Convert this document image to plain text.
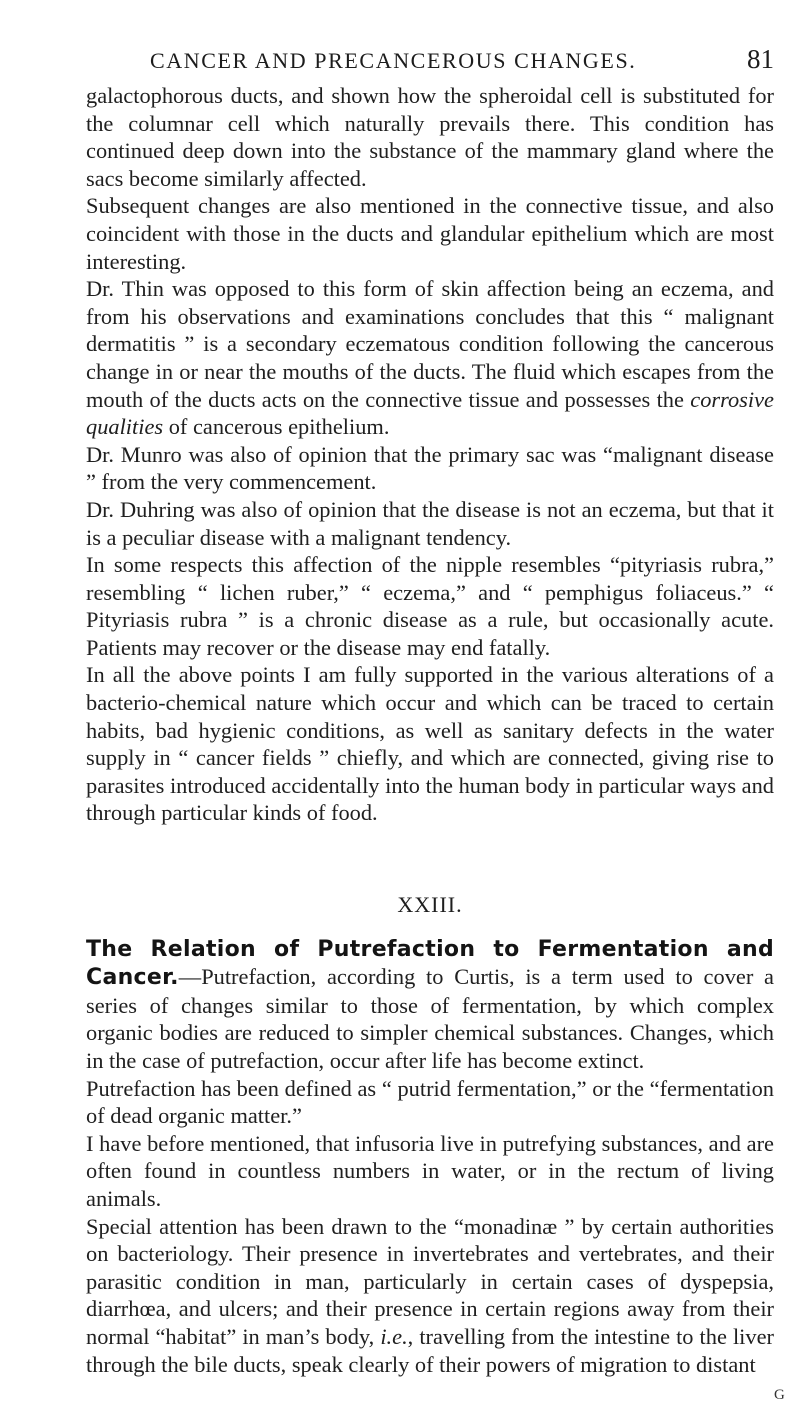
CANCER AND PRECANCEROUS CHANGES.	81

galactophorous ducts, and shown how the spheroidal cell is substituted for the columnar cell which naturally prevails there. This condition has continued deep down into the substance of the mammary gland where the sacs become similarly affected.

Subsequent changes are also mentioned in the connective tissue, and also coincident with those in the ducts and glandular epithelium which are most interesting.

Dr. Thin was opposed to this form of skin affection being an eczema, and from his observations and examinations concludes that this “ malignant dermatitis ” is a secondary eczematous condition following the cancerous change in or near the mouths of the ducts. The fluid which escapes from the mouth of the ducts acts on the connective tissue and possesses the corrosive qualities of cancerous epithelium.

Dr. Munro was also of opinion that the primary sac was “malignant disease ” from the very commencement.

Dr. Duhring was also of opinion that the disease is not an eczema, but that it is a peculiar disease with a malignant tendency.

In some respects this affection of the nipple resembles “pityriasis rubra,” resembling “ lichen ruber,” “ eczema,” and “ pemphigus foliaceus.” “ Pityriasis rubra ” is a chronic disease as a rule, but occasionally acute. Patients may recover or the disease may end fatally.

In all the above points I am fully supported in the various alterations of a bacterio-chemical nature which occur and which can be traced to certain habits, bad hygienic conditions, as well as sanitary defects in the water supply in “ cancer fields ” chiefly, and which are connected, giving rise to parasites introduced accidentally into the human body in particular ways and through particular kinds of food.

XXIII.

The Relation of Putrefaction to Fermentation and Cancer.—Putrefaction, according to Curtis, is a term used to cover a series of changes similar to those of fermentation, by which complex organic bodies are reduced to simpler chemical substances. Changes, which in the case of putrefaction, occur after life has become extinct.

Putrefaction has been defined as “ putrid fermentation,” or the “fermentation of dead organic matter.”

I have before mentioned, that infusoria live in putrefying substances, and are often found in countless numbers in water, or in the rectum of living animals.

Special attention has been drawn to the “monadinæ ” by certain authorities on bacteriology. Their presence in invertebrates and vertebrates, and their parasitic condition in man, particularly in certain cases of dyspepsia, diarrhœa, and ulcers; and their presence in certain regions away from their normal “habitat” in man’s body, i.e., travelling from the intestine to the liver through the bile ducts, speak clearly of their powers of migration to distant

G
